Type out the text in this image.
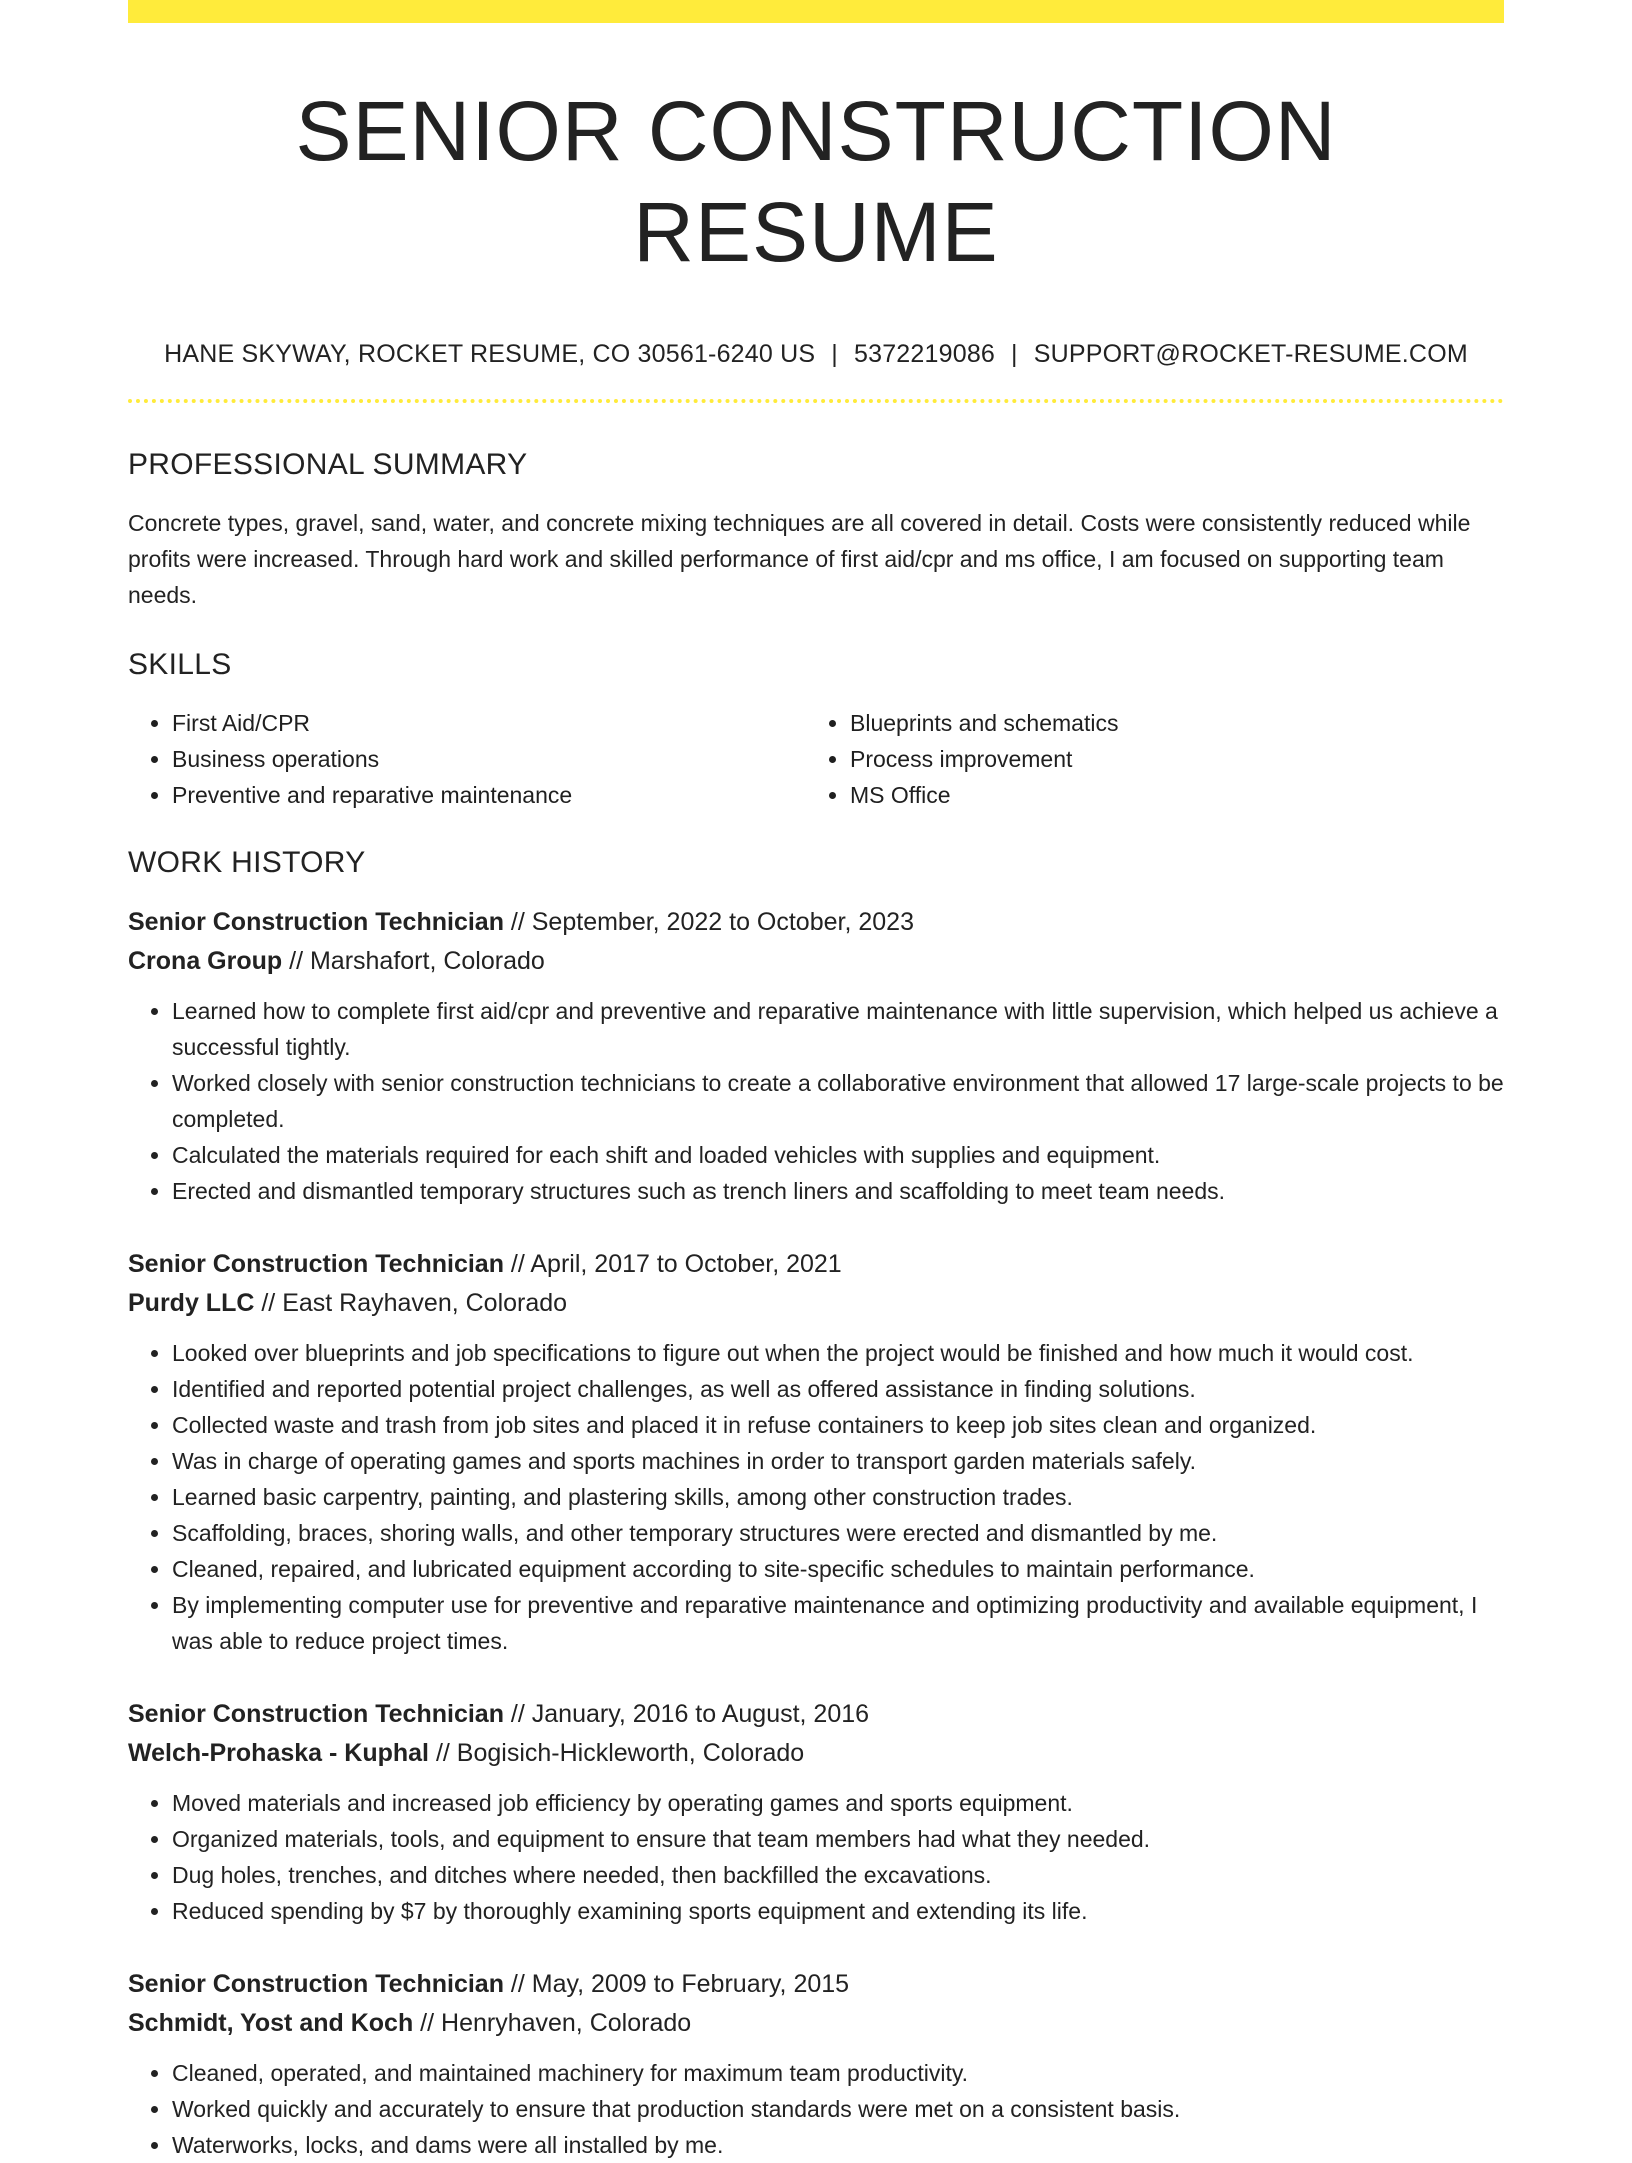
SENIOR CONSTRUCTION RESUME
HANE SKYWAY, ROCKET RESUME, CO 30561-6240 US | 5372219086 | SUPPORT@ROCKET-RESUME.COM
PROFESSIONAL SUMMARY
Concrete types, gravel, sand, water, and concrete mixing techniques are all covered in detail. Costs were consistently reduced while profits were increased. Through hard work and skilled performance of first aid/cpr and ms office, I am focused on supporting team needs.
SKILLS
• First Aid/CPR
• Business operations
• Preventive and reparative maintenance
• Blueprints and schematics
• Process improvement
• MS Office
WORK HISTORY
Senior Construction Technician // September, 2022 to October, 2023
Crona Group // Marshafort, Colorado
• Learned how to complete first aid/cpr and preventive and reparative maintenance with little supervision, which helped us achieve a successful tightly.
• Worked closely with senior construction technicians to create a collaborative environment that allowed 17 large-scale projects to be completed.
• Calculated the materials required for each shift and loaded vehicles with supplies and equipment.
• Erected and dismantled temporary structures such as trench liners and scaffolding to meet team needs.
Senior Construction Technician // April, 2017 to October, 2021
Purdy LLC // East Rayhaven, Colorado
• Looked over blueprints and job specifications to figure out when the project would be finished and how much it would cost.
• Identified and reported potential project challenges, as well as offered assistance in finding solutions.
• Collected waste and trash from job sites and placed it in refuse containers to keep job sites clean and organized.
• Was in charge of operating games and sports machines in order to transport garden materials safely.
• Learned basic carpentry, painting, and plastering skills, among other construction trades.
• Scaffolding, braces, shoring walls, and other temporary structures were erected and dismantled by me.
• Cleaned, repaired, and lubricated equipment according to site-specific schedules to maintain performance.
• By implementing computer use for preventive and reparative maintenance and optimizing productivity and available equipment, I was able to reduce project times.
Senior Construction Technician // January, 2016 to August, 2016
Welch-Prohaska - Kuphal // Bogisich-Hickleworth, Colorado
• Moved materials and increased job efficiency by operating games and sports equipment.
• Organized materials, tools, and equipment to ensure that team members had what they needed.
• Dug holes, trenches, and ditches where needed, then backfilled the excavations.
• Reduced spending by $7 by thoroughly examining sports equipment and extending its life.
Senior Construction Technician // May, 2009 to February, 2015
Schmidt, Yost and Koch // Henryhaven, Colorado
• Cleaned, operated, and maintained machinery for maximum team productivity.
• Worked quickly and accurately to ensure that production standards were met on a consistent basis.
• Waterworks, locks, and dams were all installed by me.
